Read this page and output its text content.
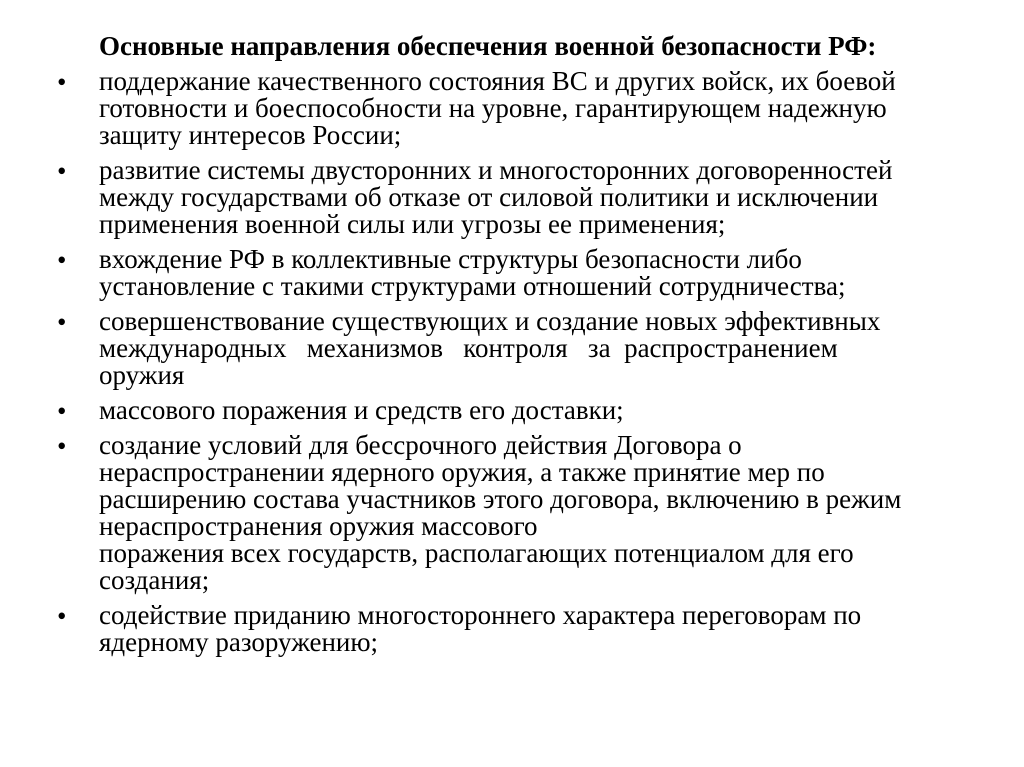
Основные направления обеспечения военной безопасности РФ:
• поддержание качественного состояния ВС и других войск, их боевой
готовности и боеспособности на уровне, гарантирующем надежную
защиту интересов России;
• развитие системы двусторонних и многосторонних договоренностей
между государствами об отказе от силовой политики и исключении
применения военной силы или угрозы ее применения;
• вхождение РФ в коллективные структуры безопасности либо
установление с такими структурами отношений сотрудничества;
• совершенствование существующих и создание новых эффективных
международных   механизмов   контроля   за  распространением
оружия
• массового поражения и средств его доставки;
• создание условий для бессрочного действия Договора о
нераспространении ядерного оружия, а также принятие мер по
расширению состава участников этого договора, включению в режим
нераспространения оружия массового
поражения всех государств, располагающих потенциалом для его
создания;
• содействие приданию многостороннего характера переговорам по
ядерному разоружению;
